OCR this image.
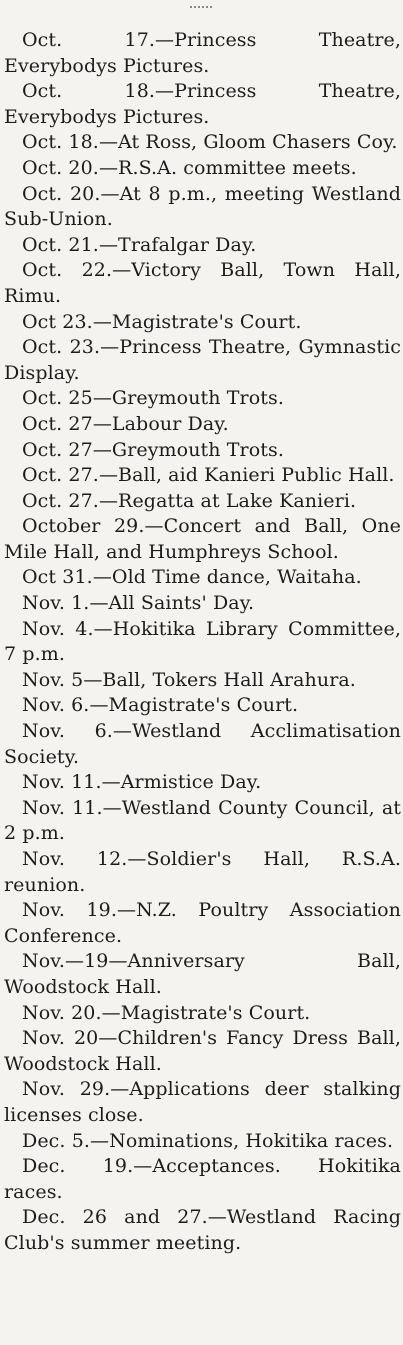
Oct. 17.—Princess Theatre, Everybodys Pictures.

Oct. 18.—Princess Theatre, Everybodys Pictures.

Oct. 18.—At Ross, Gloom Chasers Coy.

Oct. 20.—R.S.A. committee meets.

Oct. 20.—At 8 p.m., meeting Westland Sub-Union.

Oct. 21.—Trafalgar Day.

Oct. 22.—Victory Ball, Town Hall, Rimu.

Oct 23.—Magistrate's Court.

Oct. 23.—Princess Theatre, Gymnastic Display.

Oct. 25—Greymouth Trots.

Oct. 27—Labour Day.

Oct. 27—Greymouth Trots.

Oct. 27.—Ball, aid Kanieri Public Hall.

Oct. 27.—Regatta at Lake Kanieri.

October 29.—Concert and Ball, One Mile Hall, and Humphreys School.

Oct 31.—Old Time dance, Waitaha.

Nov. 1.—All Saints' Day.

Nov. 4.—Hokitika Library Committee, 7 p.m.

Nov. 5—Ball, Tokers Hall Arahura.

Nov. 6.—Magistrate's Court.

Nov. 6.—Westland Acclimatisation Society.

Nov. 11.—Armistice Day.

Nov. 11.—Westland County Council, at 2 p.m.

Nov. 12.—Soldier's Hall, R.S.A. reunion.

Nov. 19.—N.Z. Poultry Association Conference.

Nov.—19—Anniversary Ball, Woodstock Hall.

Nov. 20.—Magistrate's Court.

Nov. 20—Children's Fancy Dress Ball, Woodstock Hall.

Nov. 29.—Applications deer stalking licenses close.

Dec. 5.—Nominations, Hokitika races.

Dec. 19.—Acceptances. Hokitika races.

Dec. 26 and 27.—Westland Racing Club's summer meeting.
